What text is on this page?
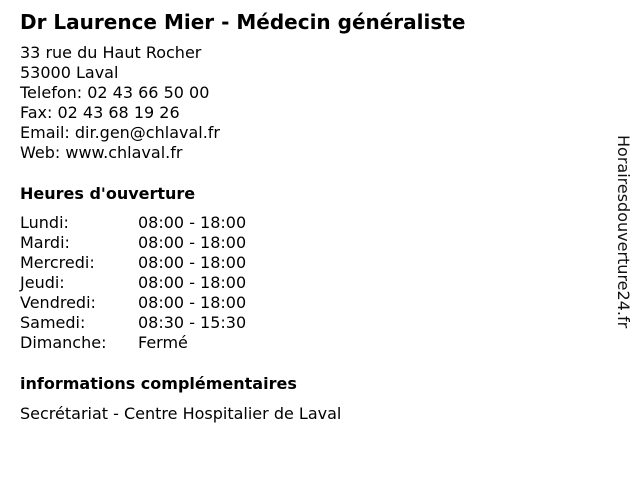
Dr Laurence Mier - Médecin généraliste
33 rue du Haut Rocher
53000 Laval
Telefon: 02 43 66 50 00
Fax: 02 43 68 19 26
Email: dir.gen@chlaval.fr
Web: www.chlaval.fr
Heures d'ouverture
Lundi:	08:00 - 18:00
Mardi:	08:00 - 18:00
Mercredi:	08:00 - 18:00
Jeudi:	08:00 - 18:00
Vendredi:	08:00 - 18:00
Samedi:	08:30 - 15:30
Dimanche:	Fermé
informations complémentaires
Secrétariat - Centre Hospitalier de Laval
Horairesdouverture24.fr
